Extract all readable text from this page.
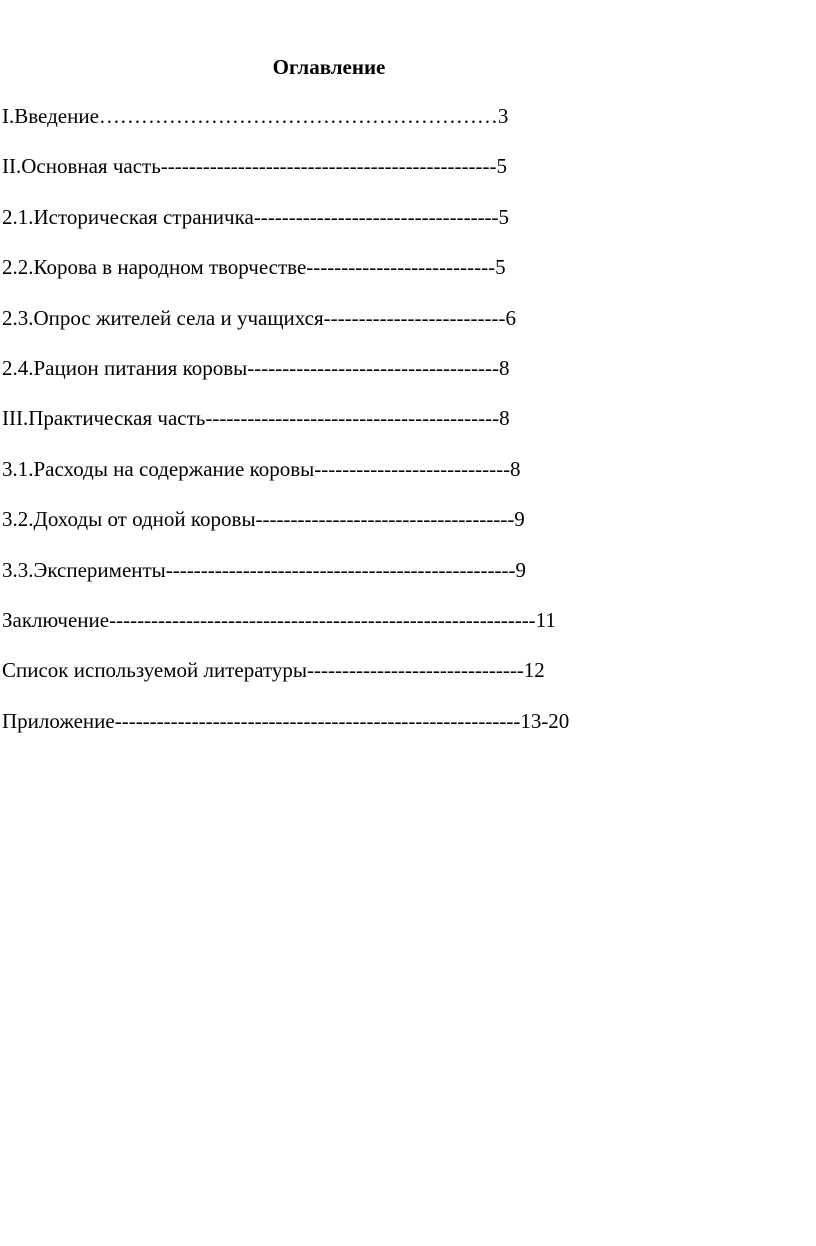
Оглавление
I.Введение…………………………………………………3
II.Основная часть------------------------------------------------5
2.1.Историческая страничка-----------------------------------5
2.2.Корова в народном творчестве---------------------------5
2.3.Опрос жителей села и учащихся--------------------------6
2.4.Рацион питания коровы------------------------------------8
III.Практическая часть------------------------------------------8
3.1.Расходы на содержание коровы----------------------------8
3.2.Доходы от одной коровы-------------------------------------9
3.3.Эксперименты--------------------------------------------------9
Заключение-------------------------------------------------------------11
Список используемой литературы-------------------------------12
Приложение----------------------------------------------------------13-20
